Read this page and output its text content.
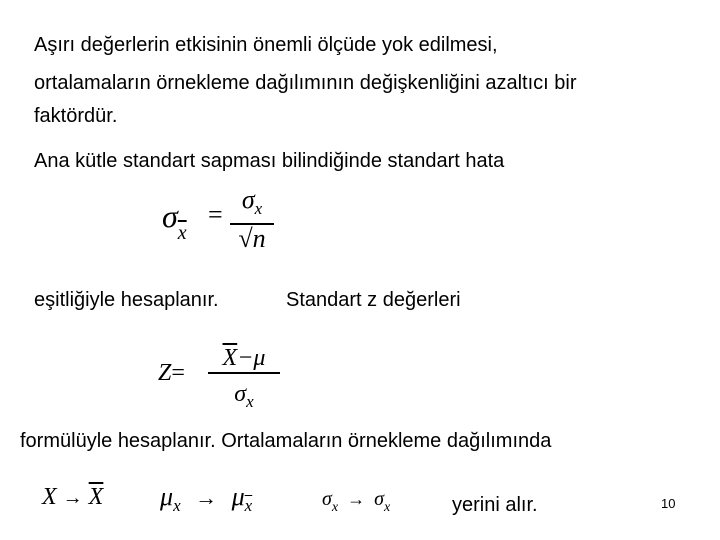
Aşırı değerlerin etkisinin önemli ölçüde yok edilmesi,
ortalamaların örnekleme dağılımının değişkenliğini azaltıcı bir
faktördür.
Ana kütle standart sapması bilindiğinde standart hata
$\sigma_{\overline{x}}$
=
$\sigma_x$
√n
eşitliğiyle hesaplanır.	Standart z değerleri
Z=
$\overline{X}-\mu$
$\sigma_x$
formülüyle hesaplanır. Ortalamaların örnekleme dağılımında
$X \to \overline{X}$ $\mu_x \to \mu_{\overline{x}}$	$\sigma_x \to \sigma_x$	yerini alır.	10
